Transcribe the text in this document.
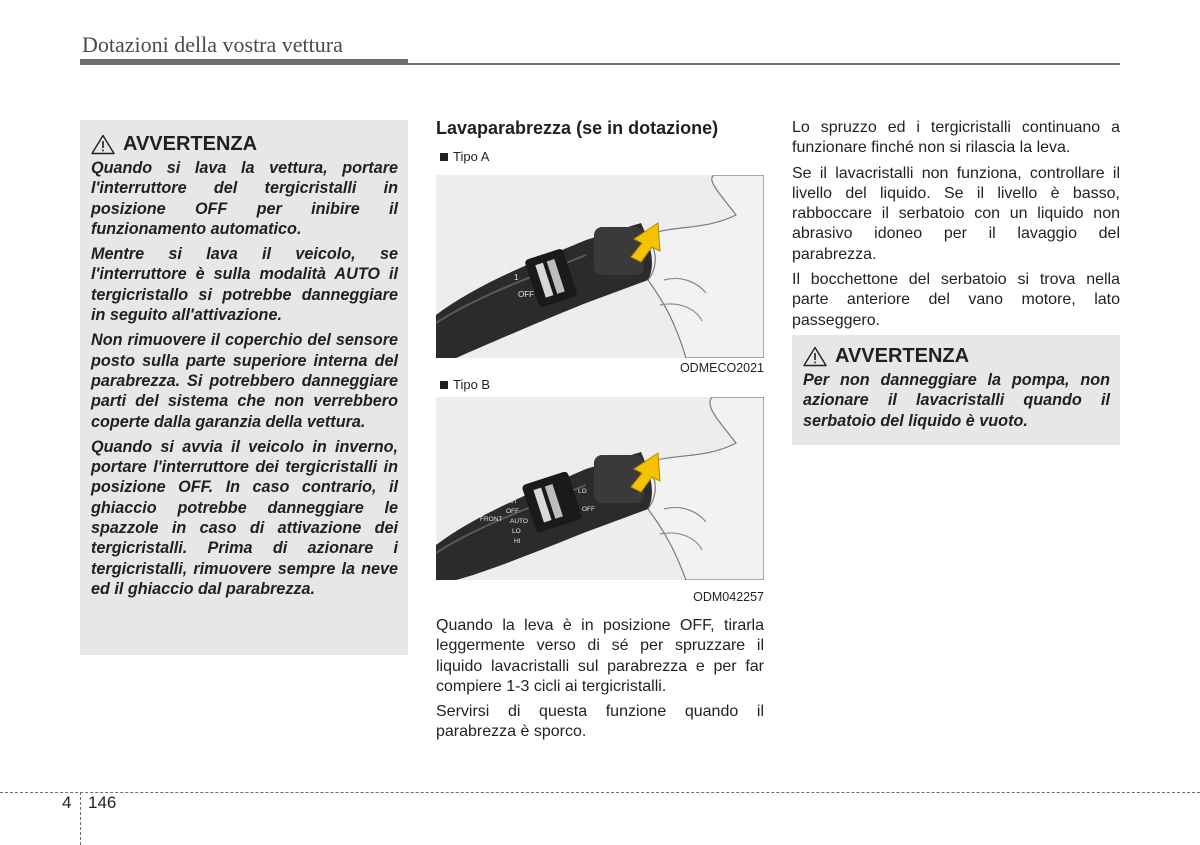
Dotazioni della vostra vettura
AVVERTENZA

Quando si lava la vettura, portare l'interruttore del tergicristalli in posizione OFF per inibire il funzionamento automatico.

Mentre si lava il veicolo, se l'interruttore è sulla modalità AUTO il tergicristallo si potrebbe danneggiare in seguito all'attivazione.

Non rimuovere il coperchio del sensore posto sulla parte superiore interna del parabrezza. Si potrebbero danneggiare parti del sistema che non verrebbero coperte dalla garanzia della vettura.

Quando si avvia il veicolo in inverno, portare l'interruttore dei tergicristalli in posizione OFF. In caso contrario, il ghiaccio potrebbe danneggiare le spazzole in caso di attivazione dei tergicristalli. Prima di azionare i tergicristalli, rimuovere sempre la neve ed il ghiaccio dal parabrezza.

Lavaparabrezza (se in dotazione)
Tipo A
2
1
OFF
ODMECO2021
Tipo B
MIST
OFF
AUTO
LO
HI
FRONT
AUTO
HI
LO
OFF
ODM042257

Quando la leva è in posizione OFF, tirarla leggermente verso di sé per spruzzare il liquido lavacristalli sul parabrezza e per far compiere 1-3 cicli ai tergicristalli.

Servirsi di questa funzione quando il parabrezza è sporco.

Lo spruzzo ed i tergicristalli continuano a funzionare finché non si rilascia la leva.

Se il lavacristalli non funziona, controllare il livello del liquido. Se il livello è basso, rabboccare il serbatoio con un liquido non abrasivo idoneo per il lavaggio del parabrezza.

Il bocchettone del serbatoio si trova nella parte anteriore del vano motore, lato passeggero.

AVVERTENZA

Per non danneggiare la pompa, non azionare il lavacristalli quando il serbatoio del liquido è vuoto.

4 146
